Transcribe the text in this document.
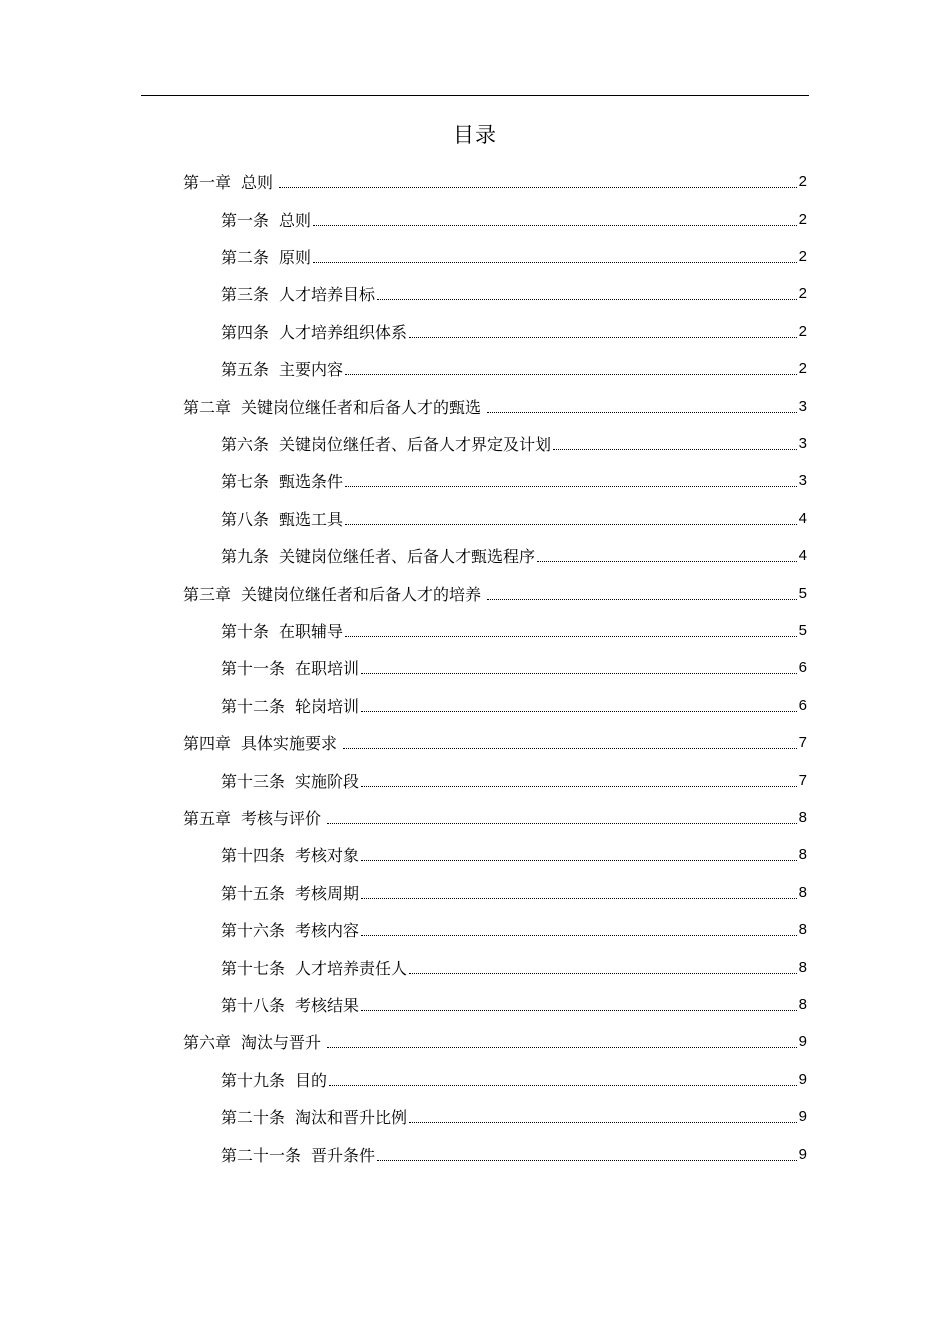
目录
第一章 总则	2
第一条 总则	2
第二条 原则	2
第三条 人才培养目标	2
第四条 人才培养组织体系	2
第五条 主要内容	2
第二章 关键岗位继任者和后备人才的甄选	3
第六条 关键岗位继任者、后备人才界定及计划	3
第七条 甄选条件	3
第八条 甄选工具	4
第九条 关键岗位继任者、后备人才甄选程序	4
第三章 关键岗位继任者和后备人才的培养	5
第十条 在职辅导	5
第十一条 在职培训	6
第十二条 轮岗培训	6
第四章 具体实施要求	7
第十三条 实施阶段	7
第五章 考核与评价	8
第十四条 考核对象	8
第十五条 考核周期	8
第十六条 考核内容	8
第十七条 人才培养责任人	8
第十八条 考核结果	8
第六章 淘汰与晋升	9
第十九条 目的	9
第二十条 淘汰和晋升比例	9
第二十一条 晋升条件	9
